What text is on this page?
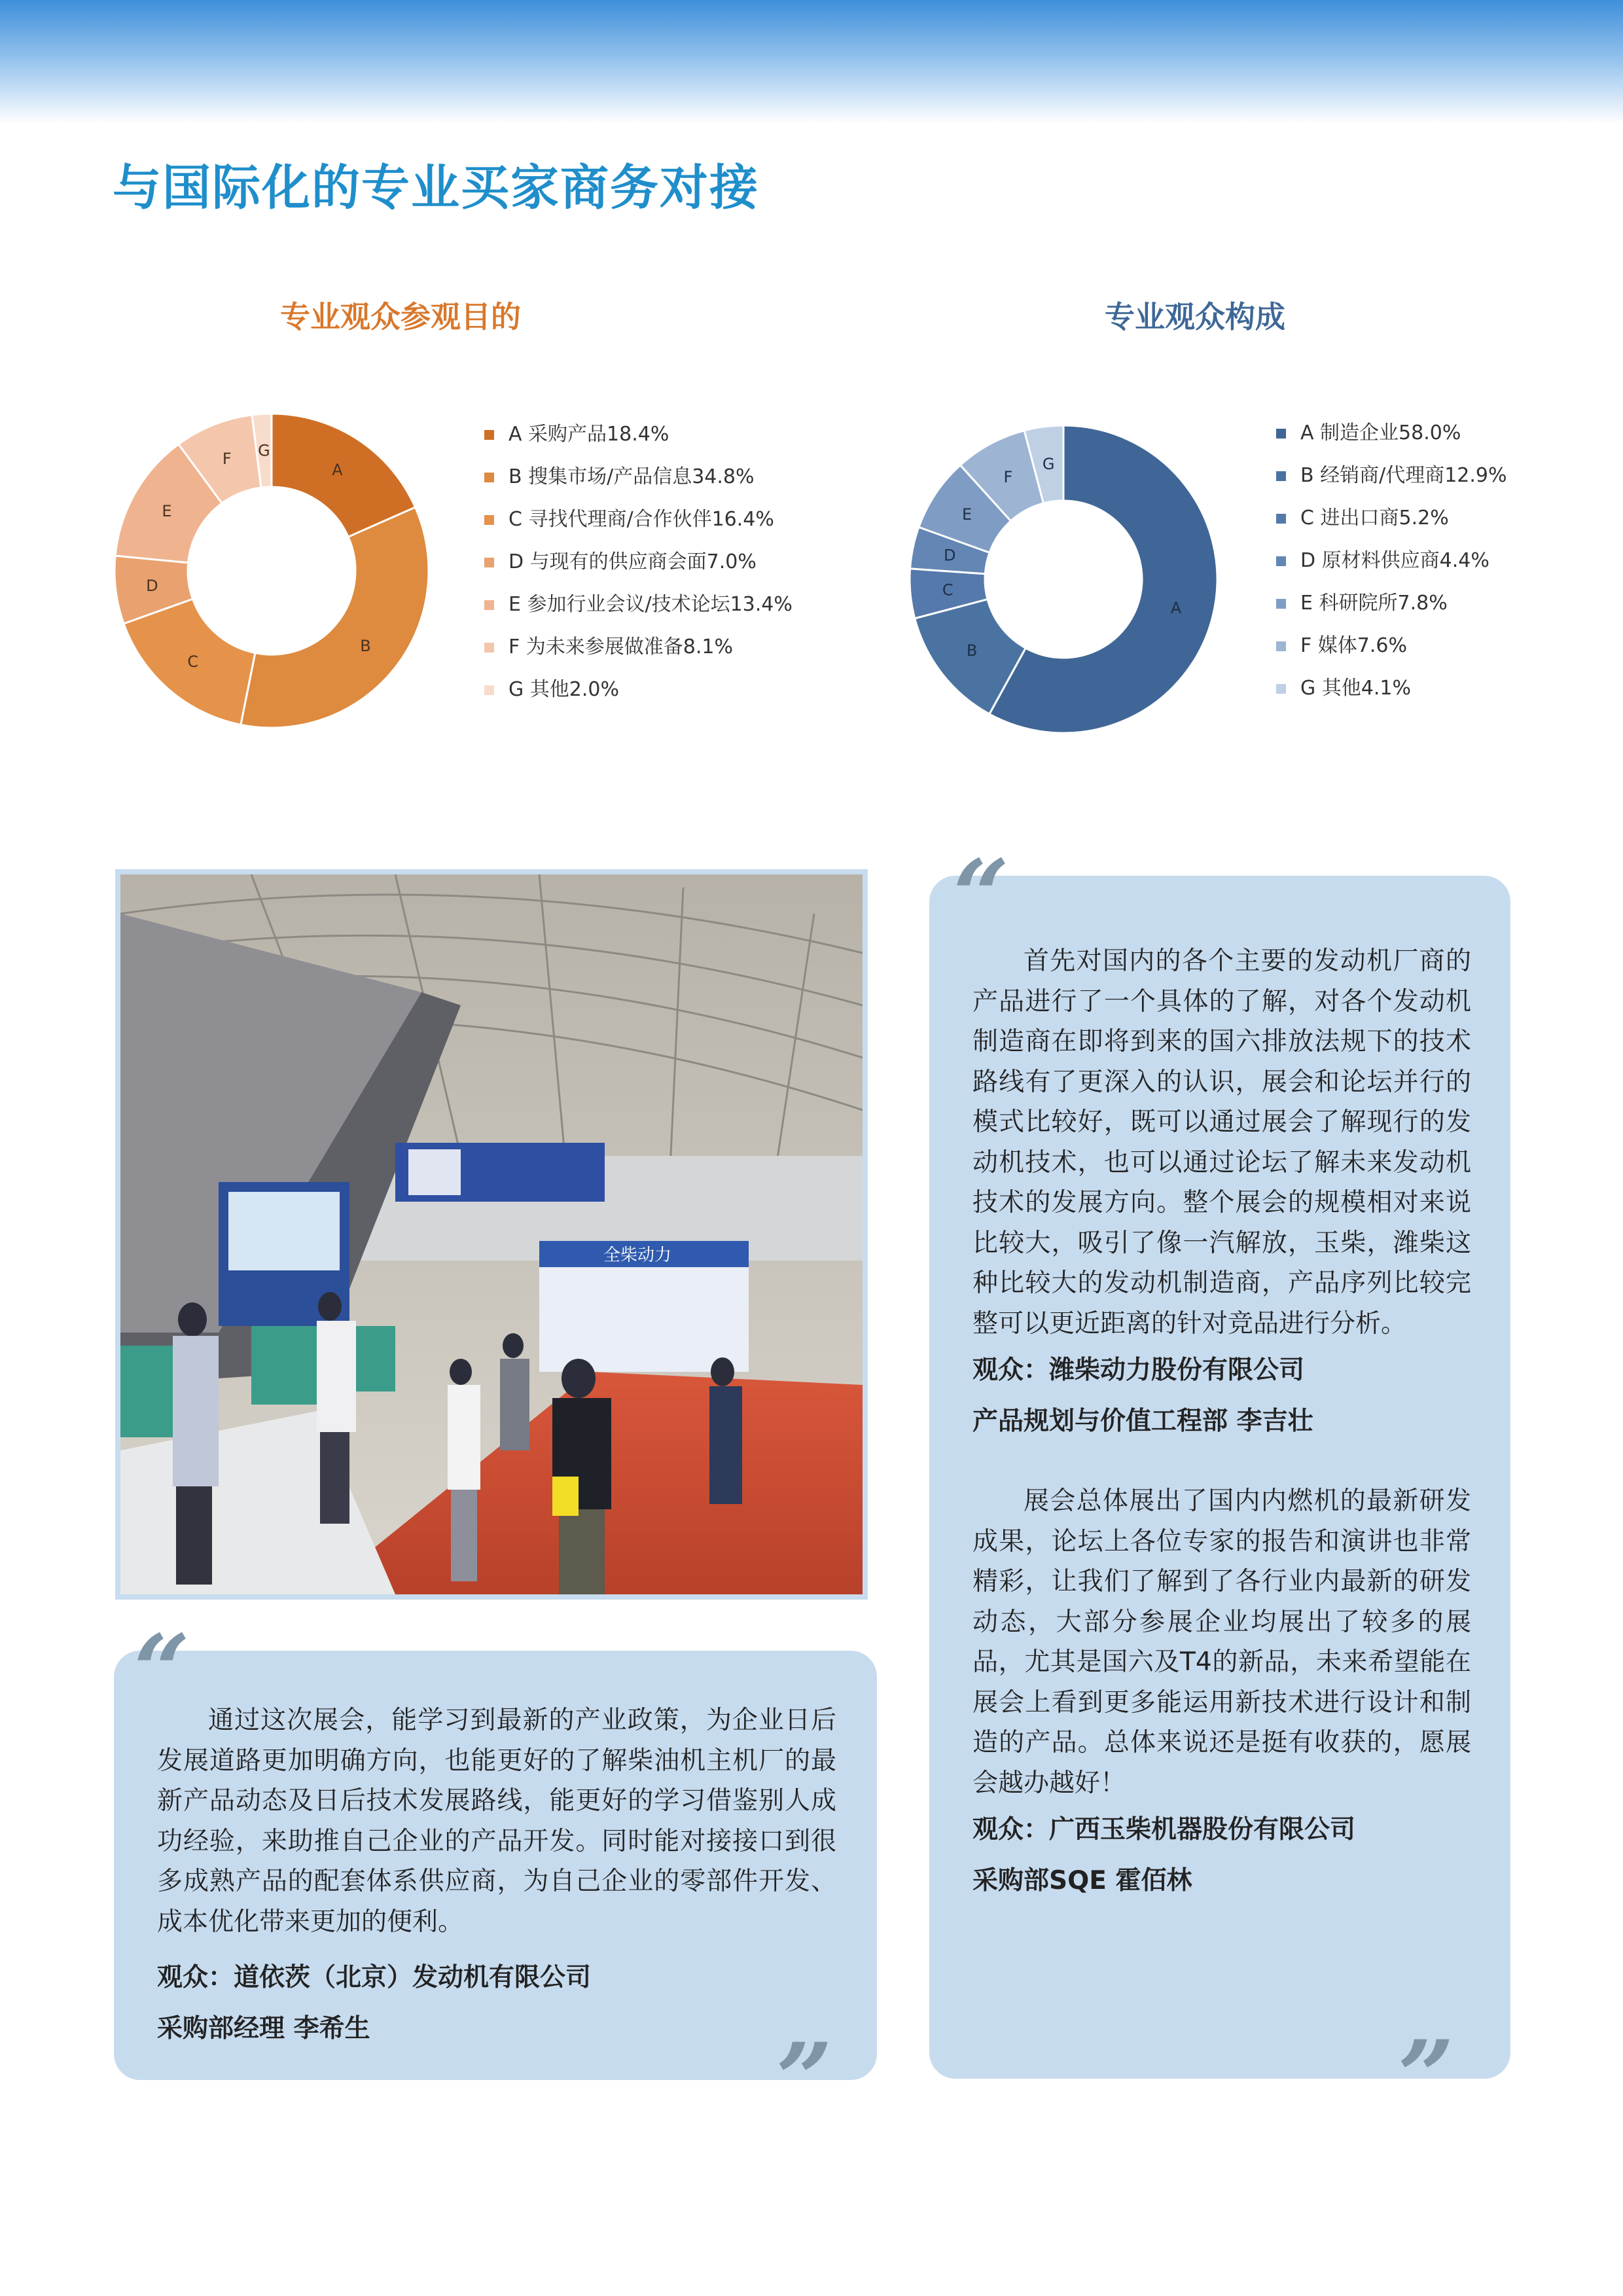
与国际化的专业买家商务对接
专业观众参观目的	专业观众构成
A
B
C
D
E
F G
A 采购产品18.4%
B 搜集市场/产品信息34.8%
C 寻找代理商/合作伙伴16.4%
D 与现有的供应商会面7.0%
E 参加行业会议/技术论坛13.4%
F 为未来参展做准备8.1%
G 其他2.0%
A
B
C
D
E
F
G
A 制造企业58.0%
B 经销商/代理商12.9%
C 进出口商5.2%
D 原材料供应商4.4%
E 科研院所7.8%
F 媒体7.6%
G 其他4.1%
全柴动力
“ 通过这次展会，能学习到最新的产业政策，为企业日后发展道路更加明确方向，也能更好的了解柴油机主机厂的最新产品动态及日后技术发展路线，能更好的学习借鉴别人成功经验，来助推自己企业的产品开发。同时能对接接口到很多成熟产品的配套体系供应商，为自己企业的零部件开发、成本优化带来更加的便利。

观众：道依茨（北京）发动机有限公司

采购部经理 李希生	”
“

首先对国内的各个主要的发动机厂商的产品进行了一个具体的了解，对各个发动机制造商在即将到来的国六排放法规下的技术路线有了更深入的认识，展会和论坛并行的模式比较好，既可以通过展会了解现行的发动机技术，也可以通过论坛了解未来发动机技术的发展方向。整个展会的规模相对来说比较大，吸引了像一汽解放，玉柴，潍柴这种比较大的发动机制造商，产品序列比较完整可以更近距离的针对竞品进行分析。

观众：潍柴动力股份有限公司

产品规划与价值工程部 李吉壮

展会总体展出了国内内燃机的最新研发成果，论坛上各位专家的报告和演讲也非常精彩，让我们了解到了各行业内最新的研发动态，大部分参展企业均展出了较多的展品，尤其是国六及T4的新品，未来希望能在展会上看到更多能运用新技术进行设计和制造的产品。总体来说还是挺有收获的，愿展会越办越好！

观众：广西玉柴机器股份有限公司

采购部SQE 霍佰林

”
